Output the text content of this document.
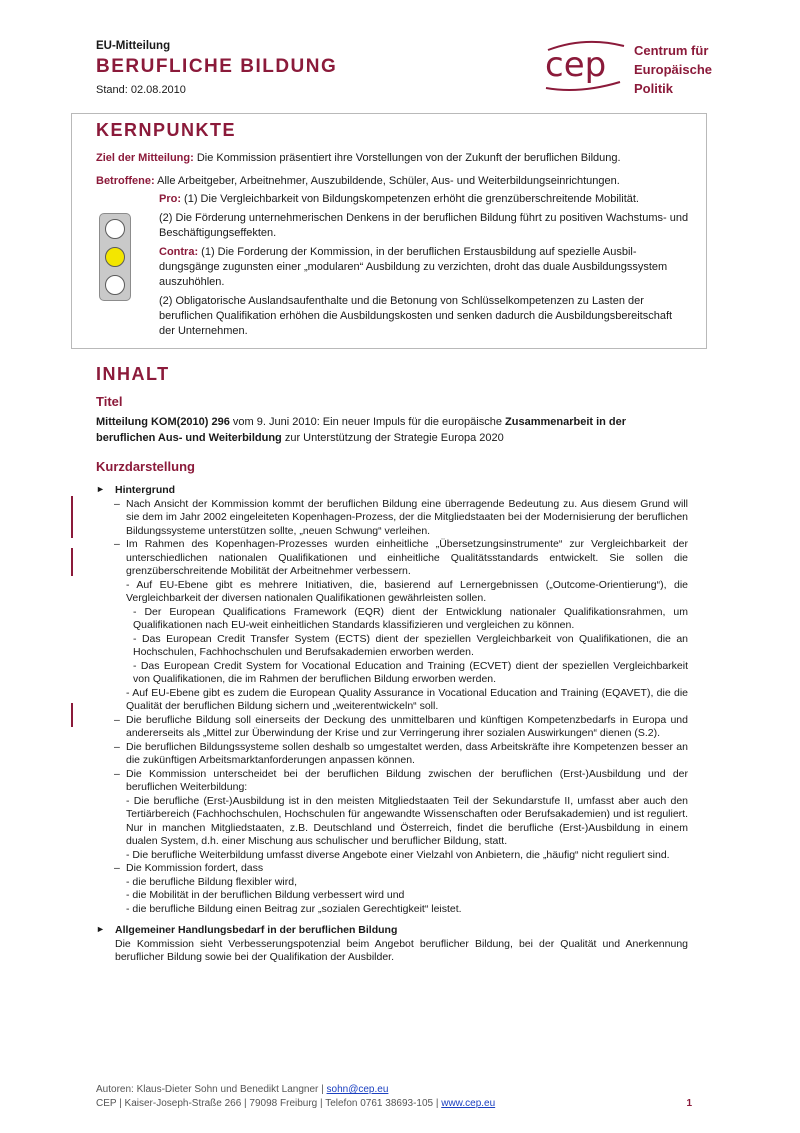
EU-Mitteilung
BERUFLICHE BILDUNG
Stand: 02.08.2010
cep Centrum für
Europäische Politik
KERNPUNKTE
Ziel der Mitteilung: Die Kommission präsentiert ihre Vorstellungen von der Zukunft der beruflichen Bildung.
Betroffene: Alle Arbeitgeber, Arbeitnehmer, Auszubildende, Schüler, Aus- und Weiterbildungseinrichtungen.

Pro: (1) Die Vergleichbarkeit von Bildungskompetenzen erhöht die grenzüberschreitende Mobilität.

(2) Die Förderung unternehmerischen Denkens in der beruflichen Bildung führt zu positiven Wachstums- und Beschäftigungseffekten.

Contra: (1) Die Forderung der Kommission, in der beruflichen Erstausbildung auf spezielle Ausbildungsgänge zugunsten einer „modularen“ Ausbildung zu verzichten, droht das duale Ausbildungssystem auszuhöhlen.

(2) Obligatorische Auslandsaufenthalte und die Betonung von Schlüsselkompetenzen zu Lasten der beruflichen Qualifikation erhöhen die Ausbildungskosten und senken dadurch die Ausbildungsbereitschaft der Unternehmen.

INHALT
Titel
Mitteilung KOM(2010) 296 vom 9. Juni 2010: Ein neuer Impuls für die europäische Zusammenarbeit in der beruflichen Aus- und Weiterbildung zur Unterstützung der Strategie Europa 2020
Kurzdarstellung
► Hintergrund
– Nach Ansicht der Kommission kommt der beruflichen Bildung eine überragende Bedeutung zu. Aus diesem Grund will sie dem im Jahr 2002 eingeleiteten Kopenhagen-Prozess, der die Mitgliedstaaten bei der Modernisierung der beruflichen Bildungssysteme unterstützen sollte, „neuen Schwung“ verleihen.
– Im Rahmen des Kopenhagen-Prozesses wurden einheitliche „Übersetzungsinstrumente“ zur Vergleichbarkeit der unterschiedlichen nationalen Qualifikationen und einheitliche Qualitätsstandards entwickelt. Sie sollen die grenzüberschreitende Mobilität der Arbeitnehmer verbessern.
- Auf EU-Ebene gibt es mehrere Initiativen, die, basierend auf Lernergebnissen („Outcome-Orientierung“), die Vergleichbarkeit der diversen nationalen Qualifikationen gewährleisten sollen.
- Der European Qualifications Framework (EQR) dient der Entwicklung nationaler Qualifikationsrahmen, um Qualifikationen nach EU-weit einheitlichen Standards klassifizieren und vergleichen zu können.
- Das European Credit Transfer System (ECTS) dient der speziellen Vergleichbarkeit von Qualifikationen, die an Hochschulen, Fachhochschulen und Berufsakademien erworben werden.
- Das European Credit System for Vocational Education and Training (ECVET) dient der speziellen Vergleichbarkeit von Qualifikationen, die im Rahmen der beruflichen Bildung erworben werden.
- Auf EU-Ebene gibt es zudem die European Quality Assurance in Vocational Education and Training (EQAVET), die die Qualität der beruflichen Bildung sichern und „weiterentwickeln“ soll.
– Die berufliche Bildung soll einerseits der Deckung des unmittelbaren und künftigen Kompetenzbedarfs in Europa und andererseits als „Mittel zur Überwindung der Krise und zur Verringerung ihrer sozialen Auswirkungen“ dienen (S.2).
– Die beruflichen Bildungssysteme sollen deshalb so umgestaltet werden, dass Arbeitskräfte ihre Kompetenzen besser an die zukünftigen Arbeitsmarktanforderungen anpassen können.
– Die Kommission unterscheidet bei der beruflichen Bildung zwischen der beruflichen (Erst-)Ausbildung und der beruflichen Weiterbildung:
- Die berufliche (Erst-)Ausbildung ist in den meisten Mitgliedstaaten Teil der Sekundarstufe II, umfasst aber auch den Tertiärbereich (Fachhochschulen, Hochschulen für angewandte Wissenschaften oder Berufsakademien) und ist reguliert. Nur in manchen Mitgliedstaaten, z.B. Deutschland und Österreich, findet die berufliche (Erst-)Ausbildung in einem dualen System, d.h. einer Mischung aus schulischer und beruflicher Bildung, statt.
- Die berufliche Weiterbildung umfasst diverse Angebote einer Vielzahl von Anbietern, die „häufig“ nicht reguliert sind.
– Die Kommission fordert, dass
- die berufliche Bildung flexibler wird,
- die Mobilität in der beruflichen Bildung verbessert wird und
- die berufliche Bildung einen Beitrag zur „sozialen Gerechtigkeit“ leistet.
► Allgemeiner Handlungsbedarf in der beruflichen Bildung
Die Kommission sieht Verbesserungspotenzial beim Angebot beruflicher Bildung, bei der Qualität und Anerkennung beruflicher Bildung sowie bei der Qualifikation der Ausbilder.
Autoren: Klaus-Dieter Sohn und Benedikt Langner | sohn@cep.eu
CEP | Kaiser-Joseph-Straße 266 | 79098 Freiburg | Telefon 0761 38693-105 | www.cep.eu	1
